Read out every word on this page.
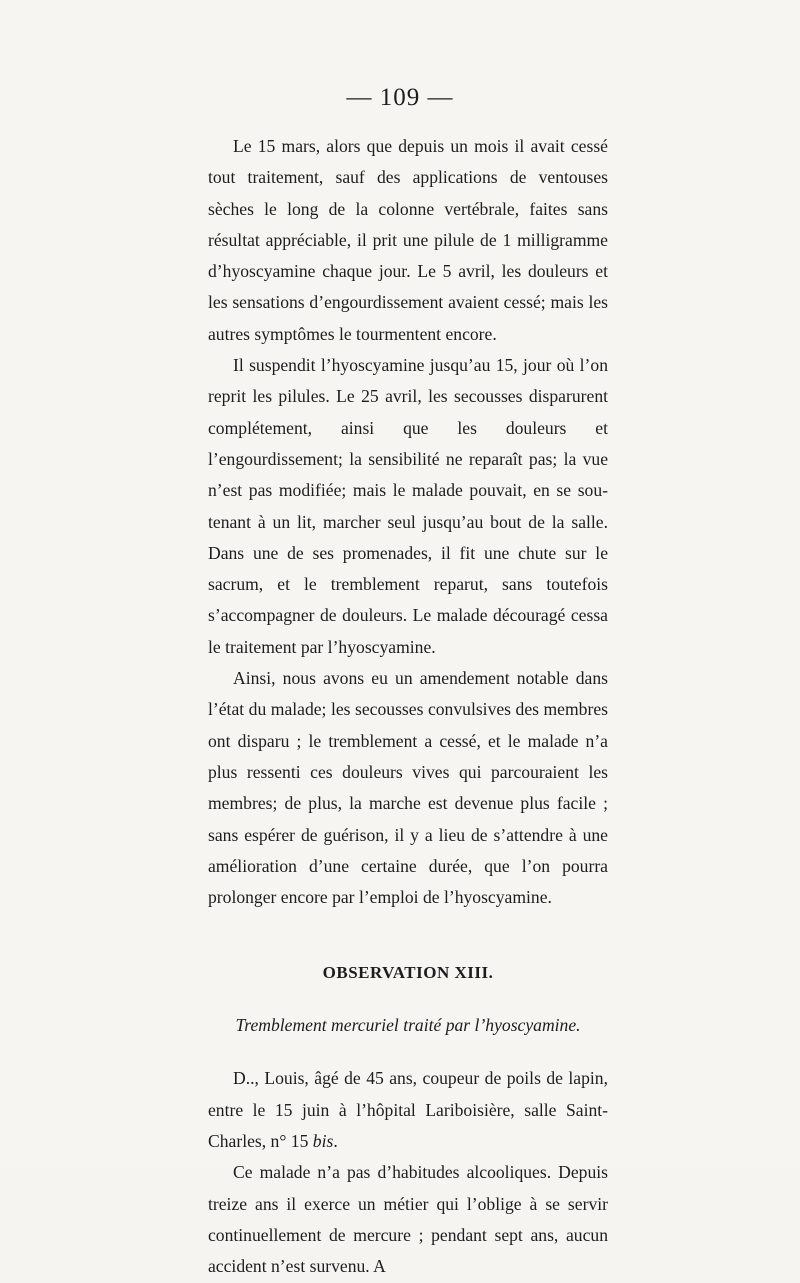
— 109 —

Le 15 mars, alors que depuis un mois il avait cessé tout traitement, sauf des applications de ventouses sèches le long de la colonne vertébrale, faites sans résultat appréciable, il prit une pilule de 1 milligramme d’hyoscyamine chaque jour. Le 5 avril, les douleurs et les sensations d’engourdissement avaient cessé; mais les autres symptômes le tourmentent encore.

Il suspendit l’hyoscyamine jusqu’au 15, jour où l’on reprit les pilules. Le 25 avril, les secousses disparurent complétement, ainsi que les douleurs et l’engourdissement; la sensibilité ne reparaît pas; la vue n’est pas modifiée; mais le malade pouvait, en se soutenant à un lit, marcher seul jusqu’au bout de la salle. Dans une de ses promenades, il fit une chute sur le sacrum, et le tremblement reparut, sans toutefois s’accompagner de douleurs. Le malade découragé cessa le traitement par l’hyoscyamine.

Ainsi, nous avons eu un amendement notable dans l’état du malade; les secousses convulsives des membres ont disparu ; le tremblement a cessé, et le malade n’a plus ressenti ces douleurs vives qui parcouraient les membres; de plus, la marche est devenue plus facile ; sans espérer de guérison, il y a lieu de s’attendre à une amélioration d’une certaine durée, que l’on pourra prolonger encore par l’emploi de l’hyoscyamine.

OBSERVATION XIII.

Tremblement mercuriel traité par l’hyoscyamine.

D.., Louis, âgé de 45 ans, coupeur de poils de lapin, entre le 15 juin à l’hôpital Lariboisière, salle Saint-Charles, n° 15 bis.

Ce malade n’a pas d’habitudes alcooliques. Depuis treize ans il exerce un métier qui l’oblige à se servir continuellement de mercure ; pendant sept ans, aucun accident n’est survenu. A
